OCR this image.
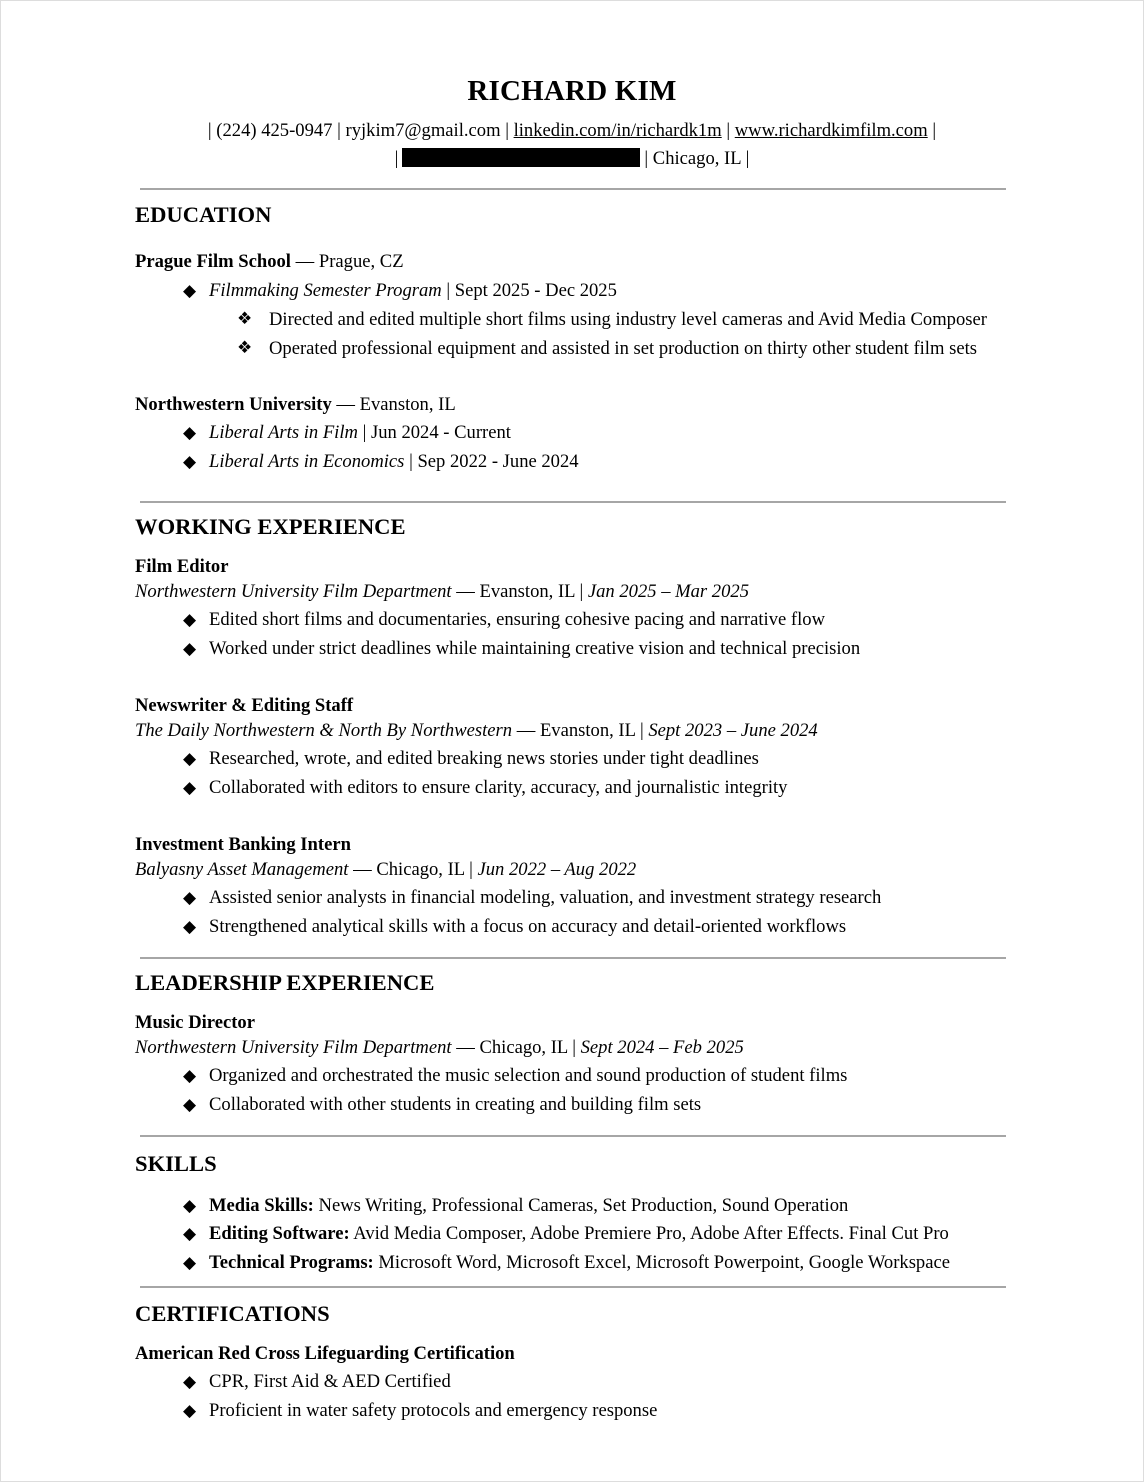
RICHARD KIM
| (224) 425-0947 | ryjkim7@gmail.com | linkedin.com/in/richardk1m | www.richardkimfilm.com |
|	| Chicago, IL |
EDUCATION
Prague Film School — Prague, CZ
◆ Filmmaking Semester Program | Sept 2025 - Dec 2025
❖ Directed and edited multiple short films using industry level cameras and Avid Media Composer
❖ Operated professional equipment and assisted in set production on thirty other student film sets
Northwestern University — Evanston, IL
◆ Liberal Arts in Film | Jun 2024 - Current
◆ Liberal Arts in Economics | Sep 2022 - June 2024
WORKING EXPERIENCE
Film Editor
Northwestern University Film Department — Evanston, IL | Jan 2025 – Mar 2025
◆ Edited short films and documentaries, ensuring cohesive pacing and narrative flow
◆ Worked under strict deadlines while maintaining creative vision and technical precision
Newswriter & Editing Staff
The Daily Northwestern & North By Northwestern — Evanston, IL | Sept 2023 – June 2024
◆ Researched, wrote, and edited breaking news stories under tight deadlines
◆ Collaborated with editors to ensure clarity, accuracy, and journalistic integrity
Investment Banking Intern
Balyasny Asset Management — Chicago, IL | Jun 2022 – Aug 2022
◆ Assisted senior analysts in financial modeling, valuation, and investment strategy research
◆ Strengthened analytical skills with a focus on accuracy and detail-oriented workflows
LEADERSHIP EXPERIENCE
Music Director
Northwestern University Film Department — Chicago, IL | Sept 2024 – Feb 2025
◆ Organized and orchestrated the music selection and sound production of student films
◆ Collaborated with other students in creating and building film sets
SKILLS
◆ Media Skills: News Writing, Professional Cameras, Set Production, Sound Operation
◆ Editing Software: Avid Media Composer, Adobe Premiere Pro, Adobe After Effects. Final Cut Pro
◆ Technical Programs: Microsoft Word, Microsoft Excel, Microsoft Powerpoint, Google Workspace
CERTIFICATIONS
American Red Cross Lifeguarding Certification
◆ CPR, First Aid & AED Certified
◆ Proficient in water safety protocols and emergency response
